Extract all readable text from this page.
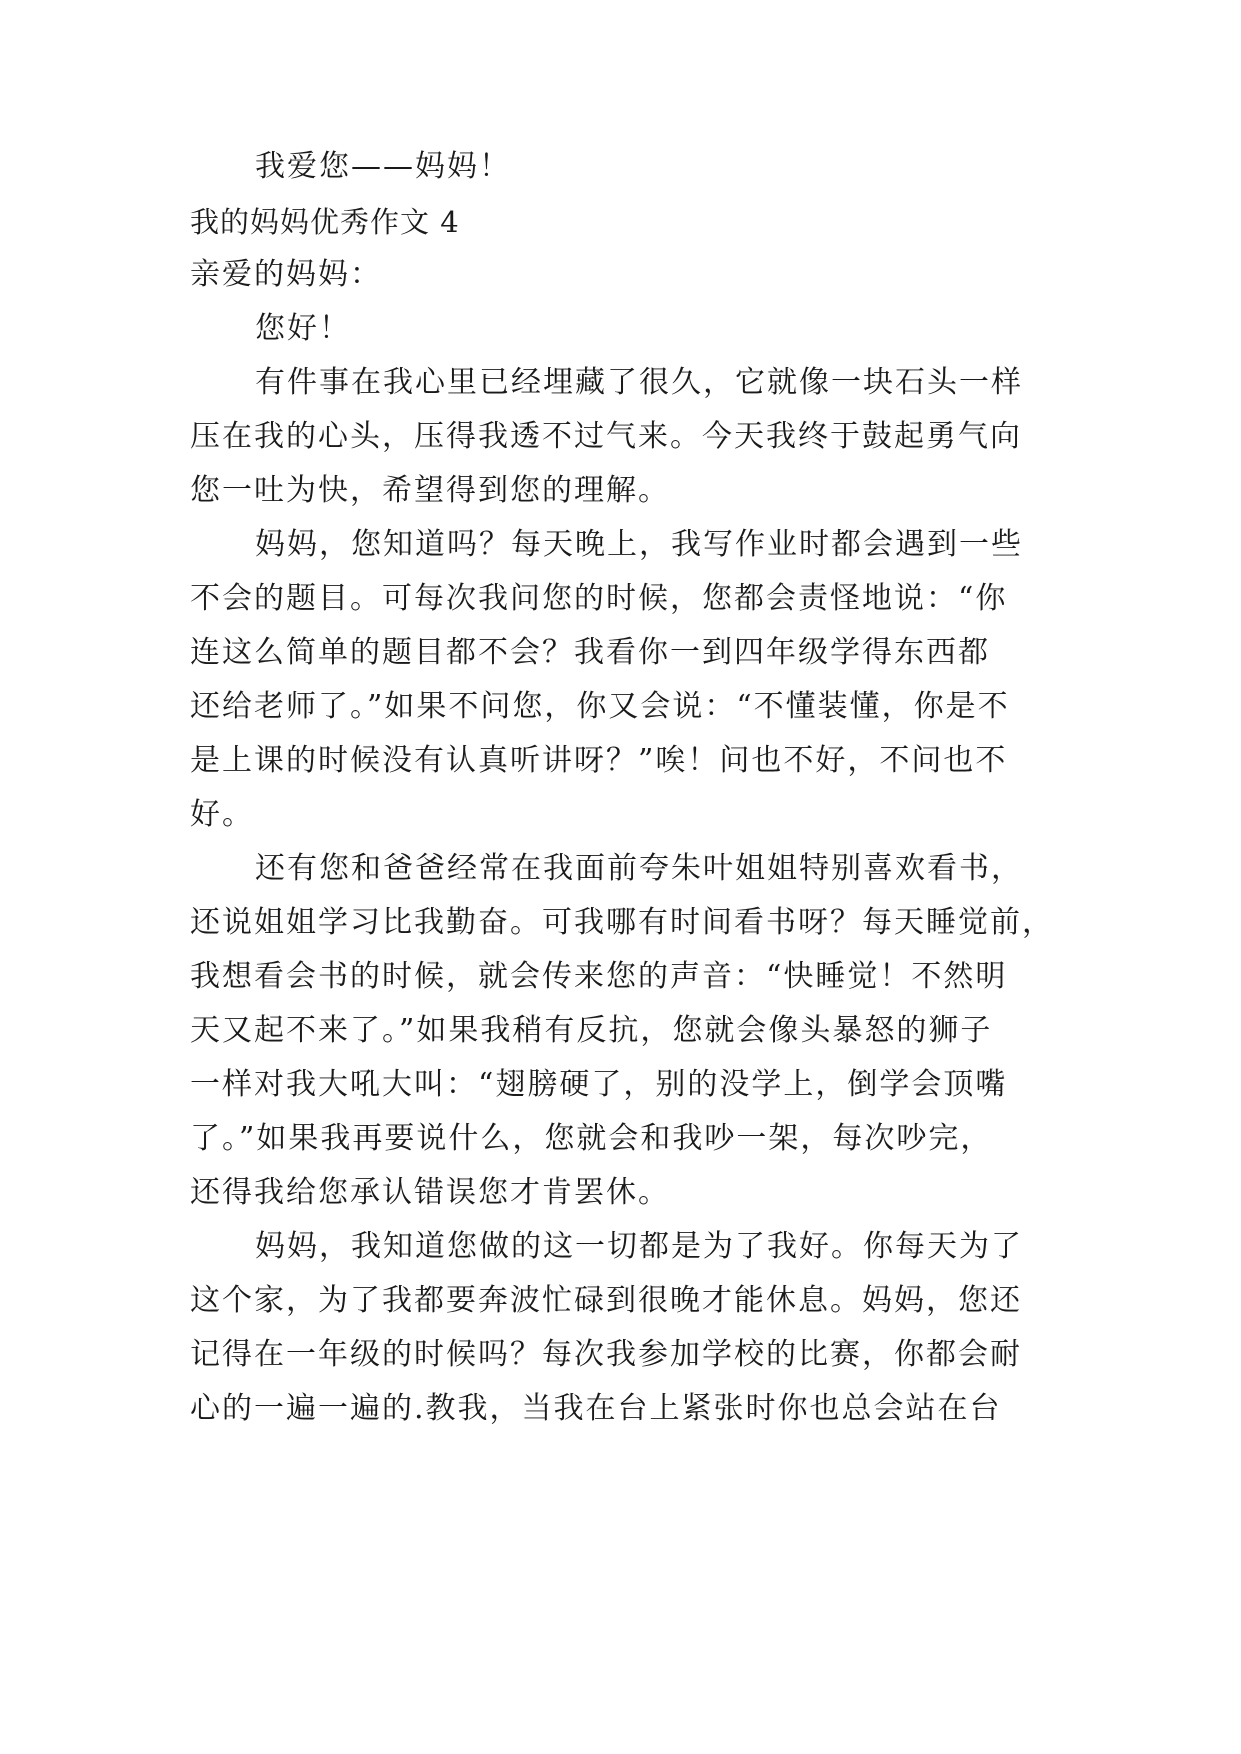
我爱您——妈妈！
我的妈妈优秀作文 4
亲爱的妈妈：
您好！
有件事在我心里已经埋藏了很久，它就像一块石头一样
压在我的心头，压得我透不过气来。今天我终于鼓起勇气向
您一吐为快，希望得到您的理解。
妈妈，您知道吗？每天晚上，我写作业时都会遇到一些
不会的题目。可每次我问您的时候，您都会责怪地说：“你
连这么简单的题目都不会？我看你一到四年级学得东西都
还给老师了。”如果不问您，你又会说：“不懂装懂，你是不
是上课的时候没有认真听讲呀？”唉！问也不好，不问也不
好。
还有您和爸爸经常在我面前夸朱叶姐姐特别喜欢看书，
还说姐姐学习比我勤奋。可我哪有时间看书呀？每天睡觉前，
我想看会书的时候，就会传来您的声音：“快睡觉！不然明
天又起不来了。”如果我稍有反抗，您就会像头暴怒的狮子
一样对我大吼大叫：“翅膀硬了，别的没学上，倒学会顶嘴
了。”如果我再要说什么，您就会和我吵一架，每次吵完，
还得我给您承认错误您才肯罢休。
妈妈，我知道您做的这一切都是为了我好。你每天为了
这个家，为了我都要奔波忙碌到很晚才能休息。妈妈，您还
记得在一年级的时候吗？每次我参加学校的比赛，你都会耐
心的一遍一遍的.教我，当我在台上紧张时你也总会站在台
